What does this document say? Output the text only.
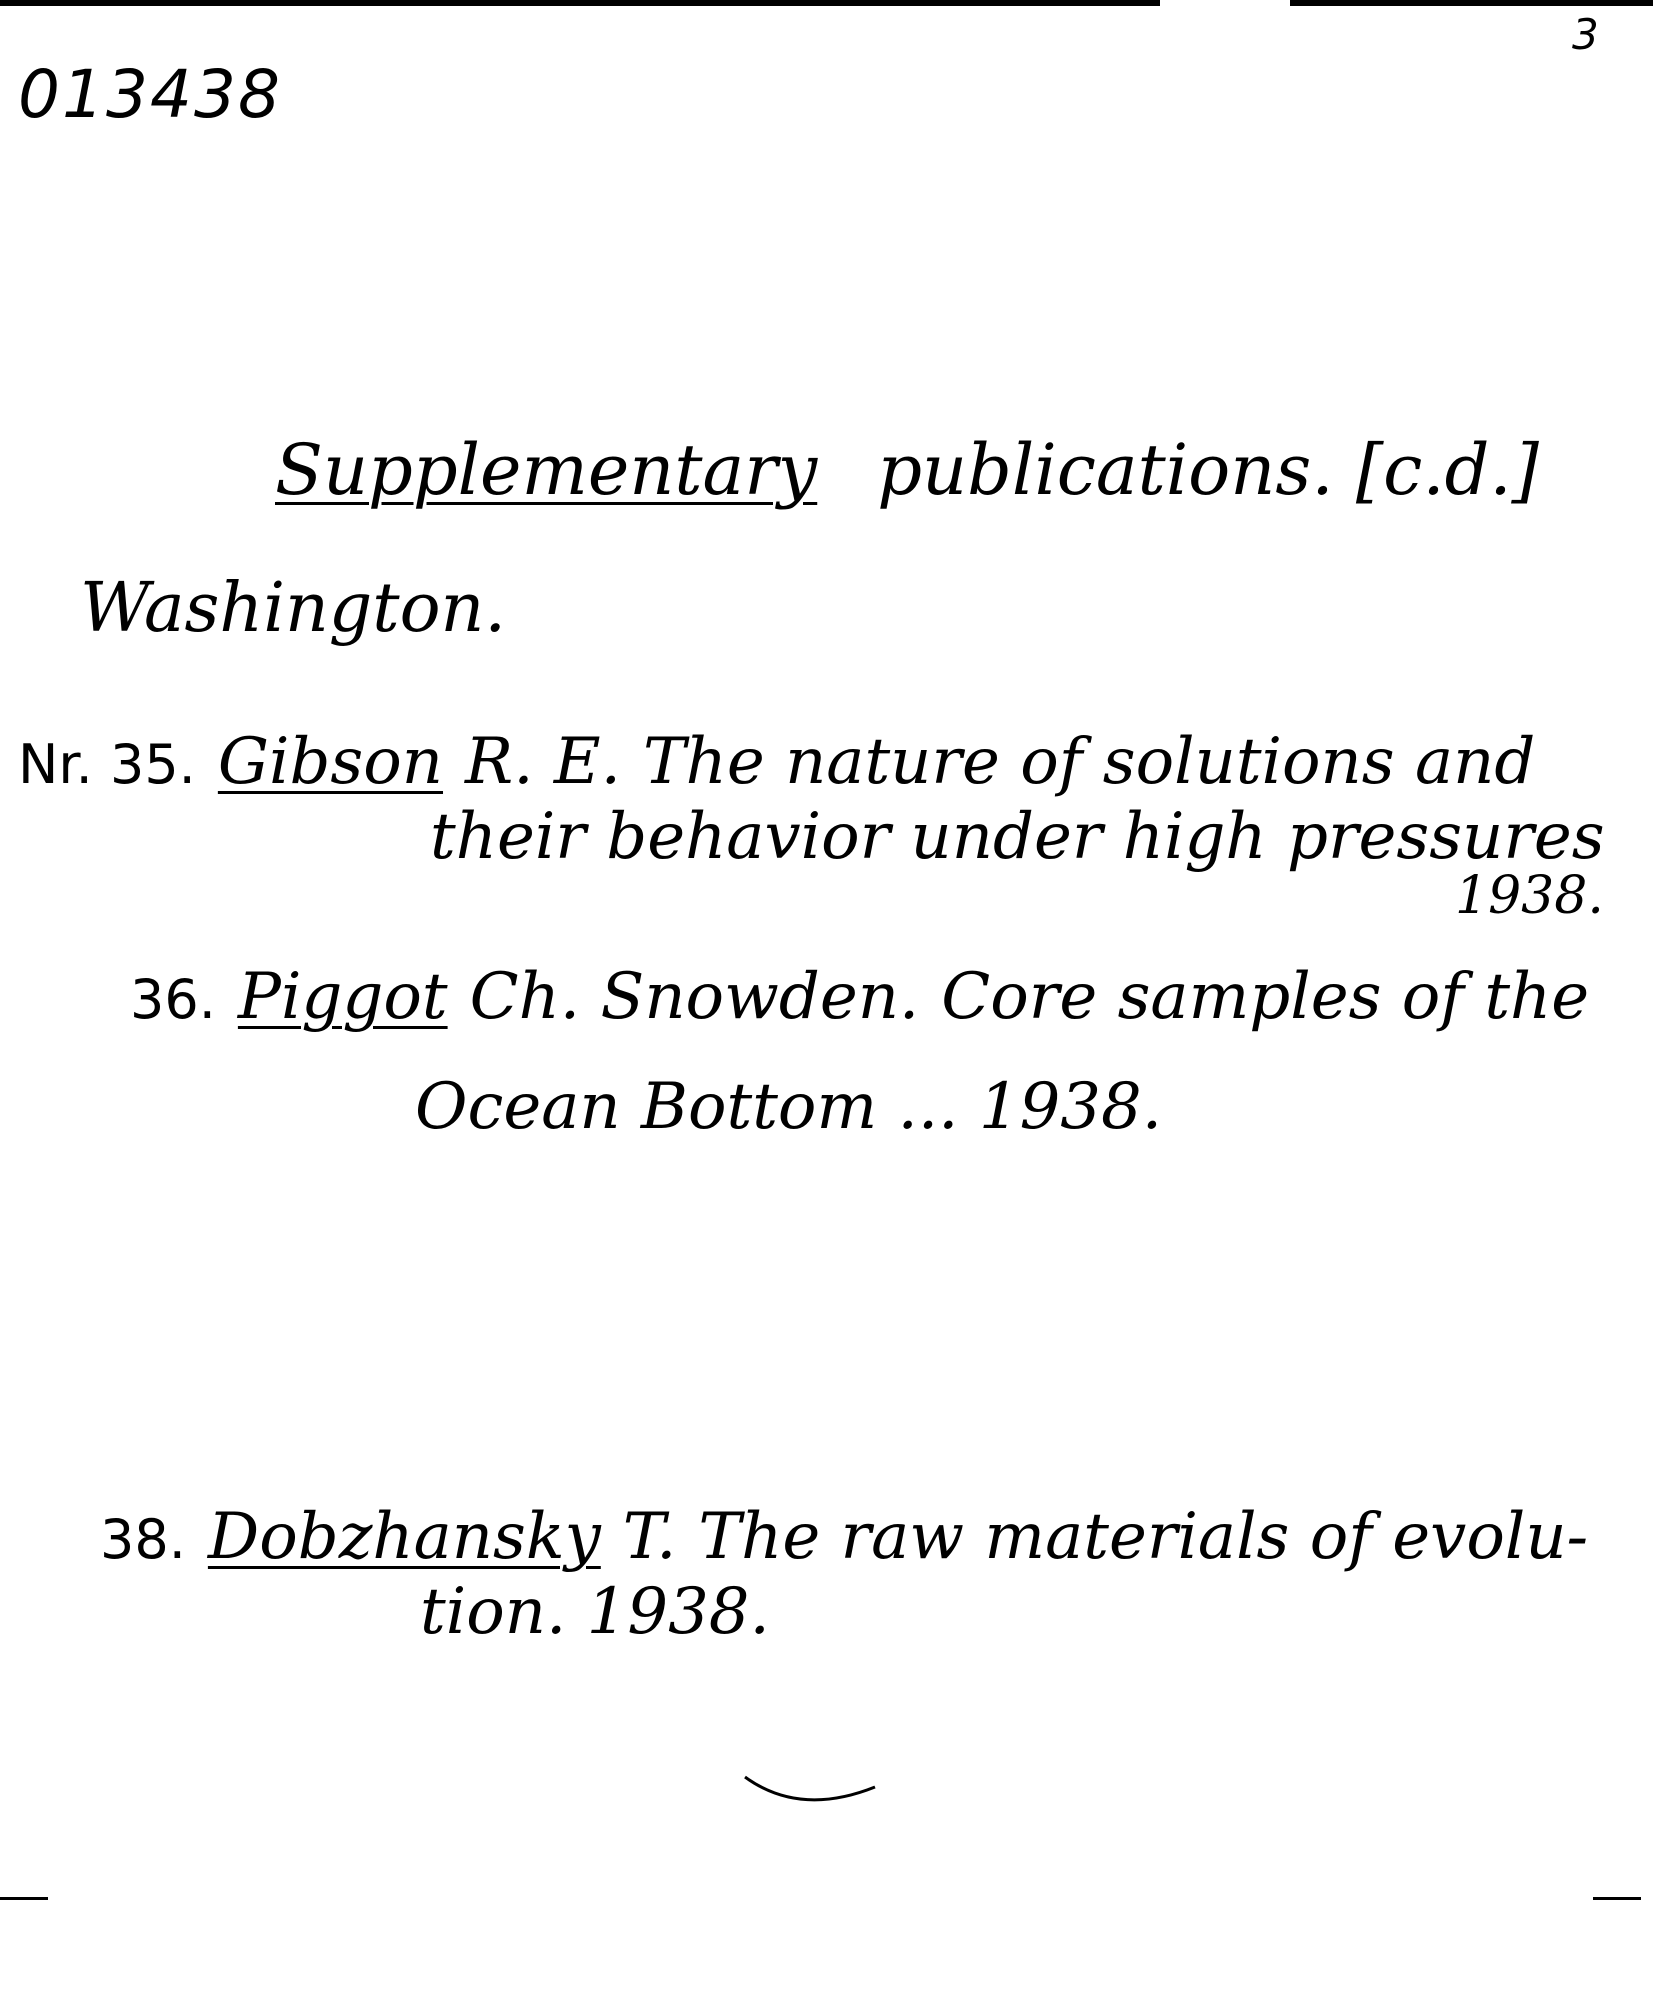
013438
3
Supplementary publications. [c.d.]
Washington.
Nr. 35. Gibson R. E. The nature of solutions and
their behavior under high pressures
1938.
36. Piggot Ch. Snowden. Core samples of the
Ocean Bottom ... 1938.
38. Dobzhansky T. The raw materials of evolu-
tion. 1938.
